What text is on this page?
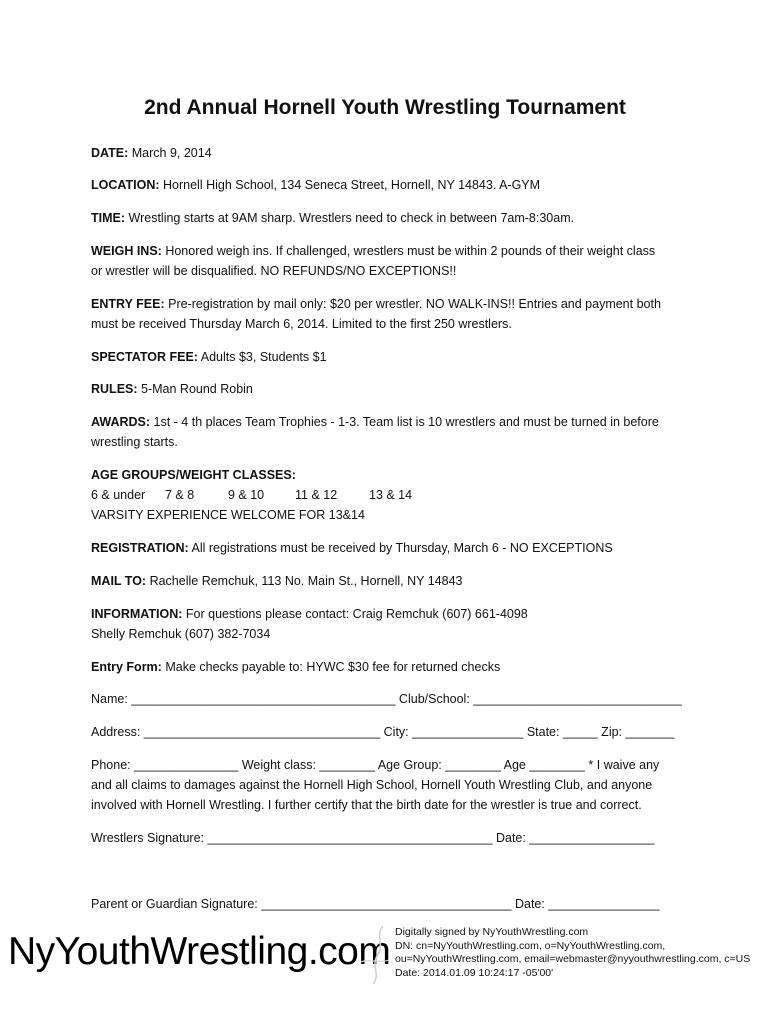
2nd Annual Hornell Youth Wrestling Tournament
DATE: March 9, 2014
LOCATION: Hornell High School, 134 Seneca Street, Hornell, NY 14843. A-GYM
TIME: Wrestling starts at 9AM sharp. Wrestlers need to check in between 7am-8:30am.
WEIGH INS: Honored weigh ins. If challenged, wrestlers must be within 2 pounds of their weight class
or wrestler will be disqualified. NO REFUNDS/NO EXCEPTIONS!!
ENTRY FEE: Pre-registration by mail only: $20 per wrestler. NO WALK-INS!! Entries and payment both
must be received Thursday March 6, 2014. Limited to the first 250 wrestlers.
SPECTATOR FEE: Adults $3, Students $1
RULES: 5-Man Round Robin
AWARDS: 1st - 4 th places Team Trophies - 1-3. Team list is 10 wrestlers and must be turned in before
wrestling starts.
AGE GROUPS/WEIGHT CLASSES:
6 & under 7 & 8	9 & 10 11 & 12	13 & 14
VARSITY EXPERIENCE WELCOME FOR 13&14
REGISTRATION: All registrations must be received by Thursday, March 6 - NO EXCEPTIONS
MAIL TO: Rachelle Remchuk, 113 No. Main St., Hornell, NY 14843
INFORMATION: For questions please contact: Craig Remchuk (607) 661-4098
Shelly Remchuk (607) 382-7034
Entry Form: Make checks payable to: HYWC $30 fee for returned checks
Name: ______________________________________ Club/School: ______________________________
Address: __________________________________ City: ________________ State: _____ Zip: _______
Phone: _______________ Weight class: ________ Age Group: ________ Age ________ * I waive any
and all claims to damages against the Hornell High School, Hornell Youth Wrestling Club, and anyone
involved with Hornell Wrestling. I further certify that the birth date for the wrestler is true and correct.
Wrestlers Signature: _________________________________________ Date: __________________
Parent or Guardian Signature: ____________________________________ Date: ________________
NyYouthWrestling.com Digitally signed by NyYouthWrestling.com
DN: cn=NyYouthWrestling.com, o=NyYouthWrestling.com,
ou=NyYouthWrestling.com, email=webmaster@nyyouthwrestling.com, c=US
Date: 2014.01.09 10:24:17 -05'00'
